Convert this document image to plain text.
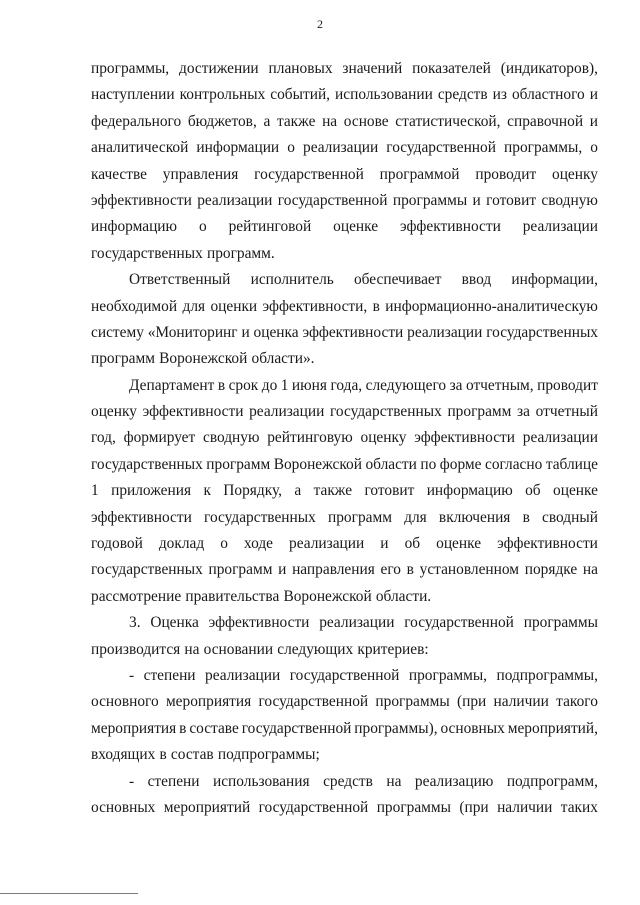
2
программы, достижении плановых значений показателей (индикаторов),
наступлении контрольных событий, использовании средств из областного и
федерального бюджетов, а также на основе статистической, справочной и
аналитической информации о реализации государственной программы, о
качестве управления государственной программой проводит оценку
эффективности реализации государственной программы и готовит сводную
информацию о рейтинговой оценке эффективности реализации
государственных программ.
Ответственный исполнитель обеспечивает ввод информации,
необходимой для оценки эффективности, в информационно-аналитическую
систему «Мониторинг и оценка эффективности реализации государственных
программ Воронежской области».
Департамент в срок до 1 июня года, следующего за отчетным, проводит
оценку эффективности реализации государственных программ за отчетный
год, формирует сводную рейтинговую оценку эффективности реализации
государственных программ Воронежской области по форме согласно таблице
1 приложения к Порядку, а также готовит информацию об оценке
эффективности государственных программ для включения в сводный
годовой доклад о ходе реализации и об оценке эффективности
государственных программ и направления его в установленном порядке на
рассмотрение правительства Воронежской области.
3. Оценка эффективности реализации государственной программы
производится на основании следующих критериев:
- степени реализации государственной программы, подпрограммы,
основного мероприятия государственной программы (при наличии такого
мероприятия в составе государственной программы), основных мероприятий,
входящих в состав подпрограммы;
- степени использования средств на реализацию подпрограмм,
основных мероприятий государственной программы (при наличии таких
